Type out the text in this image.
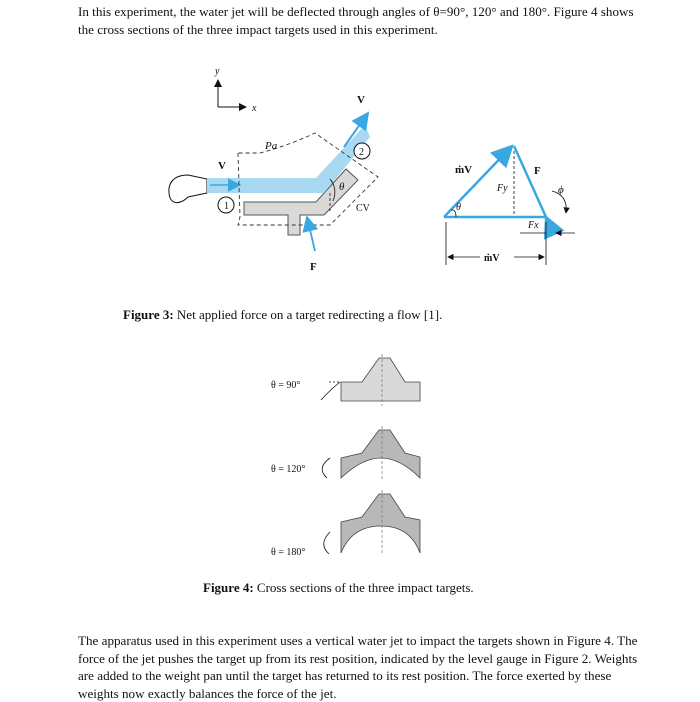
In this experiment, the water jet will be deflected through angles of θ=90°, 120° and 180°. Figure 4 shows the cross sections of the three impact targets used in this experiment.

y
x
V
Pa
2
V
1
θ
CV
F
ṁV	F
Fy	ϕ
θ
Fx
ṁV

Figure 3: Net applied force on a target redirecting a flow [1].

θ = 90°
θ = 120°
θ = 180°

Figure 4: Cross sections of the three impact targets.

The apparatus used in this experiment uses a vertical water jet to impact the targets shown in Figure 4. The force of the jet pushes the target up from its rest position, indicated by the level gauge in Figure 2. Weights are added to the weight pan until the target has returned to its rest position. The force exerted by these weights now exactly balances the force of the jet.
